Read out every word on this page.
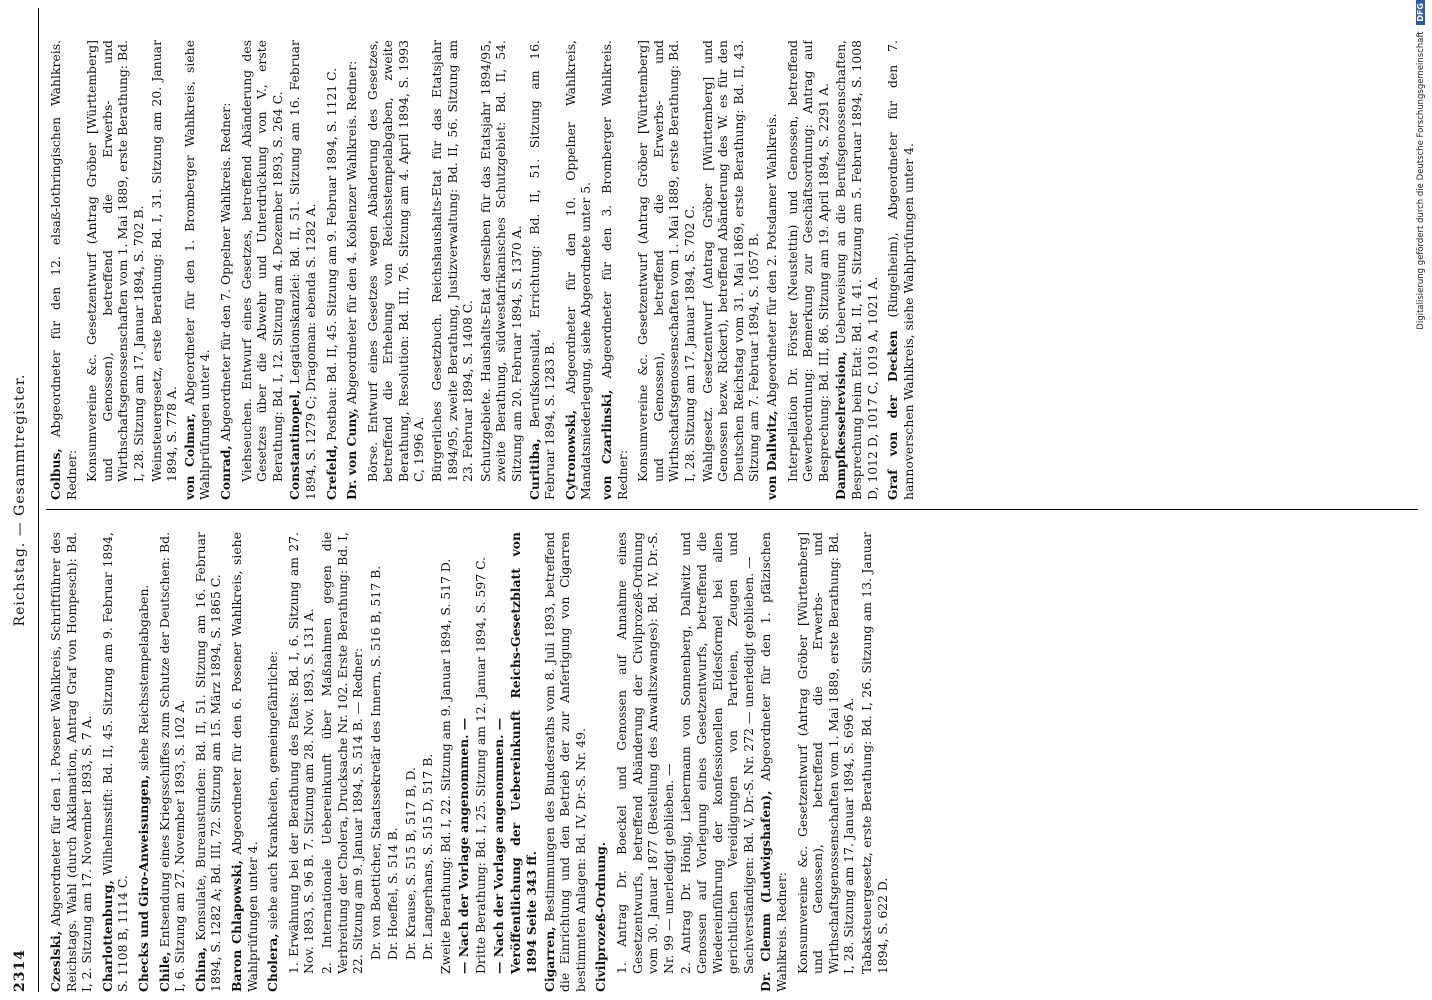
2314
Reichstag. — Gesammtregister.
Czeslski, Abgeordneter für den 1. Posener Wahlkreis, Schriftführer des Reichstags. Wahl (durch Akklamation, Antrag Graf von Hompesch): Bd. I, 2. Sitzung am 17. November 1893, S. 7 A. Charlottenburg, Wilhelmsstift: Bd. II, 45. Sitzung am 9. Februar 1894, S. 1108 B, 1114 C. Checks und Giro-Anweisungen, siehe Reichsstempelabgaben.
Chile, Entsendung eines Kriegsschiffes zum Schutze der Deutschen: Bd. I, 6. Sitzung am 27. November 1893, S. 102 A. China, Konsulate, Bureaustunden: Bd. II, 51. Sitzung am 16. Februar 1894, S. 1282 A; Bd. III, 72. Sitzung am 15. März 1894, S. 1865 C. Baron Chlapowski, Abgeordneter für den 6. Posener Wahlkreis, siehe Wahlprüfungen unter 4. Cholera, siehe auch Krankheiten, gemeingefährliche: 1. Erwähnung bei der Berathung des Etats: Bd. I, 6. Sitzung am 27. Nov. 1893, S. 96 B. 7. Sitzung am 28. Nov. 1893, S. 131 A. 2. Internationale Uebereinkunft über Maßnahmen gegen die Verbreitung der Cholera, Drucksache Nr. 102. Erste Berathung: Bd. I, 22. Sitzung am 9. Januar 1894, S. 514 B. — Redner: Dr. von Boetticher, Staatssekretär des Innern, S. 516 B, 517 B. Dr. Hoeffel, S. 514 B. Dr. Krause, S. 515 B, 517 B, D. Dr. Langerhans, S. 515 D, 517 B. Zweite Berathung: Bd. I, 22. Sitzung am 9. Januar 1894, S. 517 D. — Nach der Vorlage angenommen. — Dritte Berathung: Bd. I, 25. Sitzung am 12. Januar 1894, S. 597 C. — Nach der Vorlage angenommen. — Veröffentlichung der Uebereinkunft Reichs-Gesetzblatt von 1894 Seite 343 ff. Cigarren, Bestimmungen des Bundesraths vom 8. Juli 1893, betreffend die Einrichtung und den Betrieb der zur Anfertigung von Cigarren bestimmten Anlagen: Bd. IV, Dr.-S. Nr. 49. Civilprozeß-Ordnung. 1. Antrag Dr. Boeckel und Genossen auf Annahme eines Gesetzentwurfs, betreffend Abänderung der Civilprozeß-Ordnung vom 30. Januar 1877 (Bestellung des Anwaltszwanges): Bd. IV, Dr.-S. Nr. 99 — unerledigt geblieben. — 2. Antrag Dr. Hönig, Liebermann von Sonnenberg, Dallwitz und Genossen auf Vorlegung eines Gesetzentwurfs, betreffend die Wiedereinführung der konfessionellen Eidesformel bei allen gerichtlichen Vereidigungen von Parteien, Zeugen und Sachverständigen: Bd. V, Dr.-S. Nr. 272 — unerledigt geblieben. — Dr. Clemm (Ludwigshafen), Abgeordneter für den 1. pfälzischen Wahlkreis. Redner: Konsumvereine &c. Gesetzentwurf (Antrag Gröber [Württemberg] und Genossen), betreffend die Erwerbs- und Wirthschaftsgenossenschaften vom 1. Mai 1889, erste Berathung: Bd. I, 28. Sitzung am 17. Januar 1894, S. 696 A. Tabaksteuergesetz, erste Berathung: Bd. I, 26. Sitzung am 13. Januar 1894, S. 622 D.
Colbus, Abgeordneter für den 12. elsaß-lothringischen Wahlkreis. Redner: Konsumvereine &c. Gesetzentwurf (Antrag Gröber [Württemberg] und Genossen), betreffend die Erwerbs- und Wirthschaftsgenossenschaften vom 1. Mai 1889, erste Berathung: Bd. I, 28. Sitzung am 17. Januar 1894, S. 702 B. Weinsteuergesetz, erste Berathung: Bd. I, 31. Sitzung am 20. Januar 1894, S. 778 A. von Colmar, Abgeordneter für den 1. Bromberger Wahlkreis, siehe Wahlprüfungen unter 4. Conrad, Abgeordneter für den 7. Oppelner Wahlkreis. Redner: Viehseuchen. Entwurf eines Gesetzes, betreffend Abänderung des Gesetzes über die Abwehr und Unterdrückung von V., erste Berathung: Bd. I, 12. Sitzung am 4. Dezember 1893, S. 264 C. Constantinopel, Legationskanzlei: Bd. II, 51. Sitzung am 16. Februar 1894, S. 1279 C; Dragoman: ebenda S. 1282 A. Crefeld, Postbau: Bd. II, 45. Sitzung am 9. Februar 1894, S. 1121 C.
Dr. von Cuny, Abgeordneter für den 4. Koblenzer Wahlkreis. Redner: Börse. Entwurf eines Gesetzes wegen Abänderung des Gesetzes, betreffend die Erhebung von Reichsstempelabgaben, zweite Berathung, Resolution: Bd. III, 76. Sitzung am 4. April 1894, S. 1993 C, 1996 A. Bürgerliches Gesetzbuch. Reichshaushalts-Etat für das Etatsjahr 1894/95, zweite Berathung, Justizverwaltung: Bd. II, 56. Sitzung am 23. Februar 1894, S. 1408 C. Schutzgebiete. Haushalts-Etat derselben für das Etatsjahr 1894/95, zweite Berathung, südwestafrikanisches Schutzgebiet: Bd. II, 54. Sitzung am 20. Februar 1894, S. 1370 A. Curitiba, Berufskonsulat, Errichtung: Bd. II, 51. Sitzung am 16. Februar 1894, S. 1283 B. Cytronowski, Abgeordneter für den 10. Oppelner Wahlkreis, Mandatsniederlegung, siehe Abgeordnete unter 5. von Czarlinski, Abgeordneter für den 3. Bromberger Wahlkreis. Redner: Konsumvereine &c. Gesetzentwurf (Antrag Gröber [Württemberg] und Genossen), betreffend die Erwerbs- und Wirthschaftsgenossenschaften vom 1. Mai 1889, erste Berathung: Bd. I, 28. Sitzung am 17. Januar 1894, S. 702 C. Wahlgesetz. Gesetzentwurf (Antrag Gröber [Württemberg] und Genossen bezw. Rickert), betreffend Abänderung des W. es für den Deutschen Reichstag vom 31. Mai 1869, erste Berathung: Bd. II, 43. Sitzung am 7. Februar 1894, S. 1057 B. von Dallwitz, Abgeordneter für den 2. Potsdamer Wahlkreis. Interpellation Dr. Förster (Neustettin) und Genossen, betreffend Gewerbeordnung: Bemerkung zur Geschäftsordnung: Antrag auf Besprechung: Bd. III, 86. Sitzung am 19. April 1894, S. 2291 A. Dampfkesselrevision, Ueberweisung an die Berufsgenossenschaften, Besprechung beim Etat: Bd. II, 41. Sitzung am 5. Februar 1894, S. 1008 D, 1012 D, 1017 C, 1019 A, 1021 A. Graf von der Decken (Ringelheim), Abgeordneter für den 7. hannoverschen Wahlkreis, siehe Wahlprüfungen unter 4.	Digitalisierung gefördert durch die Deutsche Forschungsgemeinschaft DFG
